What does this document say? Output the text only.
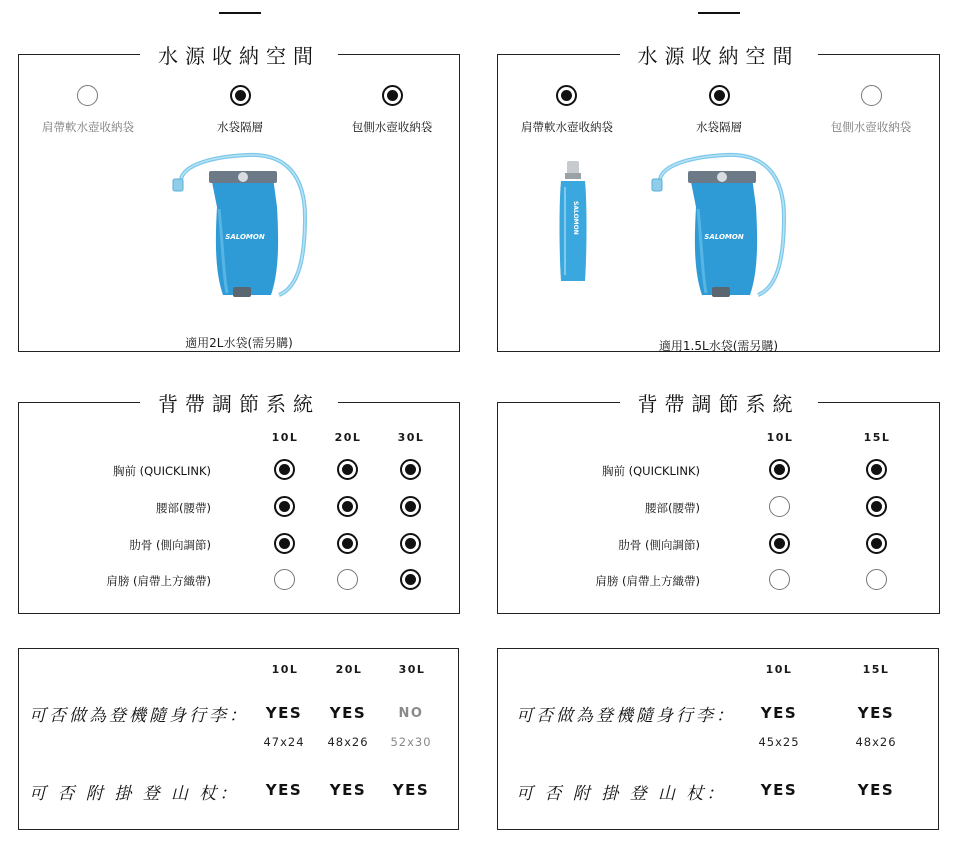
水源收納空間
肩帶軟水壺收納袋	水袋隔層	包側水壺收納袋
SALOMON
適用2L水袋(需另購)
水源收納空間
肩帶軟水壺收納袋	水袋隔層	包側水壺收納袋
SALOMON
SALOMON
適用1.5L水袋(需另購)
背帶調節系統
10L	20L	30L
胸前 (QUICKLINK)
腰部(腰帶)
肋骨 (側向調節)
肩膀 (肩帶上方織帶)
背帶調節系統
10L	15L
胸前 (QUICKLINK)
腰部(腰帶)
肋骨 (側向調節)
肩膀 (肩帶上方織帶)
10L	20L	30L
可否做為登機隨身行李：	YES	YES	NO
47x24	48x26	52x30
可 否 附 掛 登 山 杖：	YES	YES	YES
10L	15L
可否做為登機隨身行李：	YES	YES
45x25	48x26
可 否 附 掛 登 山 杖：	YES	YES
